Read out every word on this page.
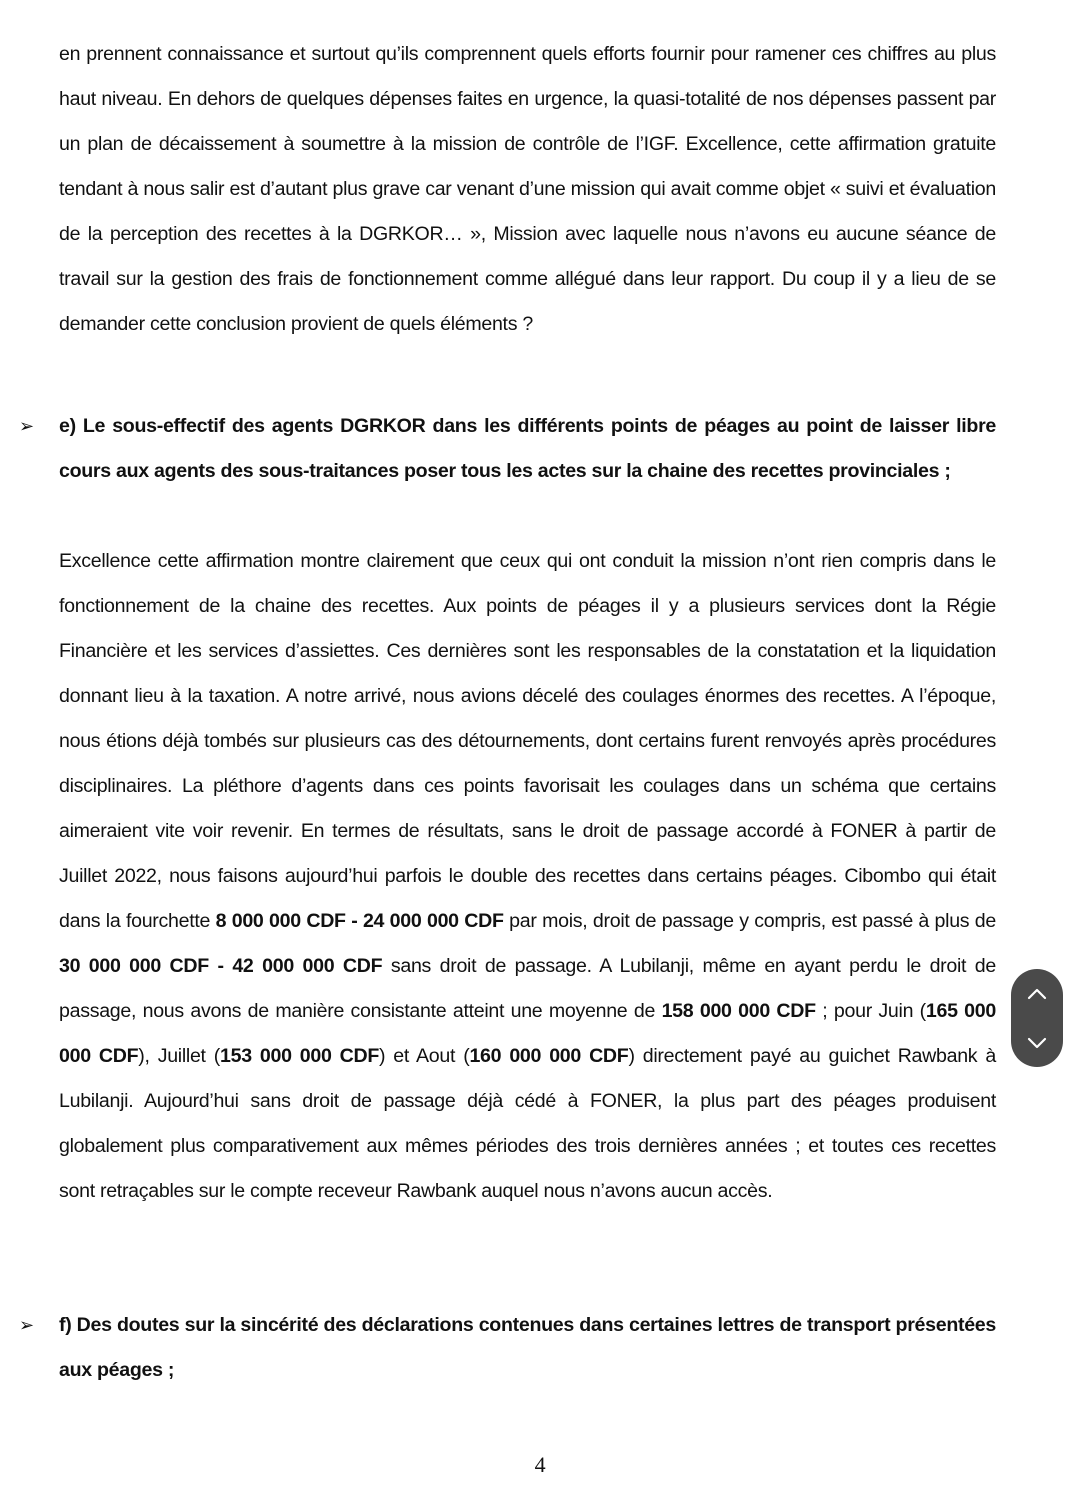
en prennent connaissance et surtout qu’ils comprennent quels efforts fournir pour ramener ces chiffres au plus haut niveau. En dehors de quelques dépenses faites en urgence, la quasi-totalité de nos dépenses passent par un plan de décaissement à soumettre à la mission de contrôle de l’IGF. Excellence, cette affirmation gratuite tendant à nous salir est d’autant plus grave car venant d’une mission qui avait comme objet « suivi et évaluation de la perception des recettes à la DGRKOR… », Mission avec laquelle nous n’avons eu aucune séance de travail sur la gestion des frais de fonctionnement comme allégué dans leur rapport. Du coup il y a lieu de se demander cette conclusion provient de quels éléments ?

➢ e) Le sous-effectif des agents DGRKOR dans les différents points de péages au point de laisser libre cours aux agents des sous-traitances poser tous les actes sur la chaine des recettes provinciales ;

Excellence cette affirmation montre clairement que ceux qui ont conduit la mission n’ont rien compris dans le fonctionnement de la chaine des recettes. Aux points de péages il y a plusieurs services dont la Régie Financière et les services d’assiettes. Ces dernières sont les responsables de la constatation et la liquidation donnant lieu à la taxation. A notre arrivé, nous avions décelé des coulages énormes des recettes. A l’époque, nous étions déjà tombés sur plusieurs cas des détournements, dont certains furent renvoyés après procédures disciplinaires. La pléthore d’agents dans ces points favorisait les coulages dans un schéma que certains aimeraient vite voir revenir. En termes de résultats, sans le droit de passage accordé à FONER à partir de Juillet 2022, nous faisons aujourd’hui parfois le double des recettes dans certains péages. Cibombo qui était dans la fourchette 8 000 000 CDF - 24 000 000 CDF par mois, droit de passage y compris, est passé à plus de 30 000 000 CDF - 42 000 000 CDF sans droit de passage. A Lubilanji, même en ayant perdu le droit de passage, nous avons de manière consistante atteint une moyenne de 158 000 000 CDF ; pour Juin (165 000 000 CDF), Juillet (153 000 000 CDF) et Aout (160 000 000 CDF) directement payé au guichet Rawbank à Lubilanji. Aujourd’hui sans droit de passage déjà cédé à FONER, la plus part des péages produisent globalement plus comparativement aux mêmes périodes des trois dernières années ; et toutes ces recettes sont retraçables sur le compte receveur Rawbank auquel nous n’avons aucun accès.

➢ f) Des doutes sur la sincérité des déclarations contenues dans certaines lettres de transport présentées aux péages ;

4
